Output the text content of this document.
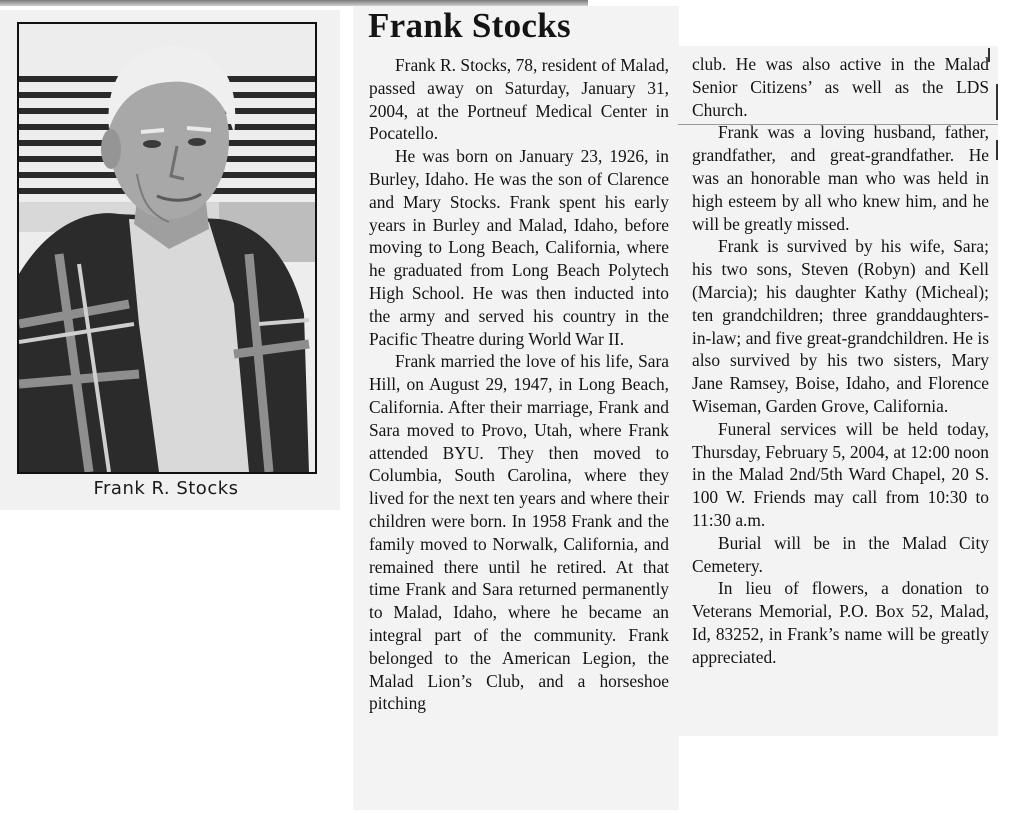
Frank R. Stocks
Frank Stocks

Frank R. Stocks, 78, resident of Malad, passed away on Saturday, January 31, 2004, at the Portneuf Medical Center in Pocatello.

He was born on January 23, 1926, in Burley, Idaho. He was the son of Clarence and Mary Stocks. Frank spent his early years in Burley and Malad, Idaho, before moving to Long Beach, California, where he graduated from Long Beach Polytech High School. He was then inducted into the army and served his country in the Pacific Theatre during World War II.

Frank married the love of his life, Sara Hill, on August 29, 1947, in Long Beach, California. After their marriage, Frank and Sara moved to Provo, Utah, where Frank attended BYU. They then moved to Columbia, South Carolina, where they lived for the next ten years and where their children were born. In 1958 Frank and the family moved to Norwalk, California, and remained there until he retired. At that time Frank and Sara returned permanently to Malad, Idaho, where he became an integral part of the community. Frank belonged to the American Legion, the Malad Lion’s Club, and a horseshoe pitching

club. He was also active in the Malad Senior Citizens’ as well as the LDS Church.

Frank was a loving husband, father, grandfather, and great-grandfather. He was an honorable man who was held in high esteem by all who knew him, and he will be greatly missed.

Frank is survived by his wife, Sara; his two sons, Steven (Robyn) and Kell (Marcia); his daughter Kathy (Micheal); ten grandchildren; three granddaughters-in-law; and five great-grandchildren. He is also survived by his two sisters, Mary Jane Ramsey, Boise, Idaho, and Florence Wiseman, Garden Grove, California.

Funeral services will be held today, Thursday, February 5, 2004, at 12:00 noon in the Malad 2nd/5th Ward Chapel, 20 S. 100 W. Friends may call from 10:30 to 11:30 a.m.

Burial will be in the Malad City Cemetery.

In lieu of flowers, a donation to Veterans Memorial, P.O. Box 52, Malad, Id, 83252, in Frank’s name will be greatly appreciated.
